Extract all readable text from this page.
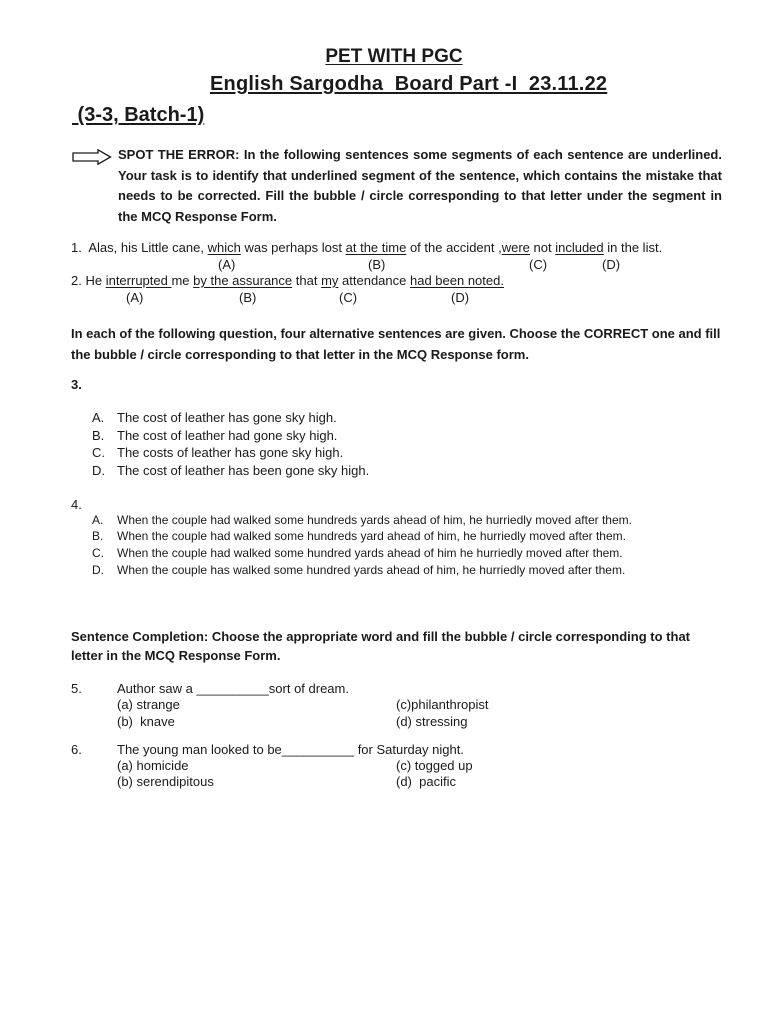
PET WITH PGC
English Sargodha  Board Part -I  23.11.22
(3-3, Batch-1)
SPOT THE ERROR: In the following sentences some segments of each sentence are underlined. Your task is to identify that underlined segment of the sentence, which contains the mistake that needs to be corrected. Fill the bubble / circle corresponding to that letter under the segment in the MCQ Response Form.
1. Alas, his Little cane, which was perhaps lost at the time of the accident ,were not included in the list.
(A)	(B)	(C)	(D)
2. He interrupted me by the assurance that my attendance had been noted.
(A)	(B)	(C)	(D)
In each of the following question, four alternative sentences are given. Choose the CORRECT one and fill the bubble / circle corresponding to that letter in the MCQ Response form.
3.
A. The cost of leather has gone sky high.
B. The cost of leather had gone sky high.
C. The costs of leather has gone sky high.
D. The cost of leather has been gone sky high.
4.
A. When the couple had walked some hundreds yards ahead of him, he hurriedly moved after them.
B. When the couple had walked some hundreds yard ahead of him, he hurriedly moved after them.
C. When the couple had walked some hundred yards ahead of him he hurriedly moved after them.
D. When the couple has walked some hundred yards ahead of him, he hurriedly moved after them.
Sentence Completion: Choose the appropriate word and fill the bubble / circle corresponding to that letter in the MCQ Response Form.
5.	Author saw a __________sort of dream.
(a) strange	(c)philanthropist
(b)  knave	(d) stressing
6.	The young man looked to be__________ for Saturday night.
(a) homicide	(c) togged up
(b) serendipitous	(d)  pacific
